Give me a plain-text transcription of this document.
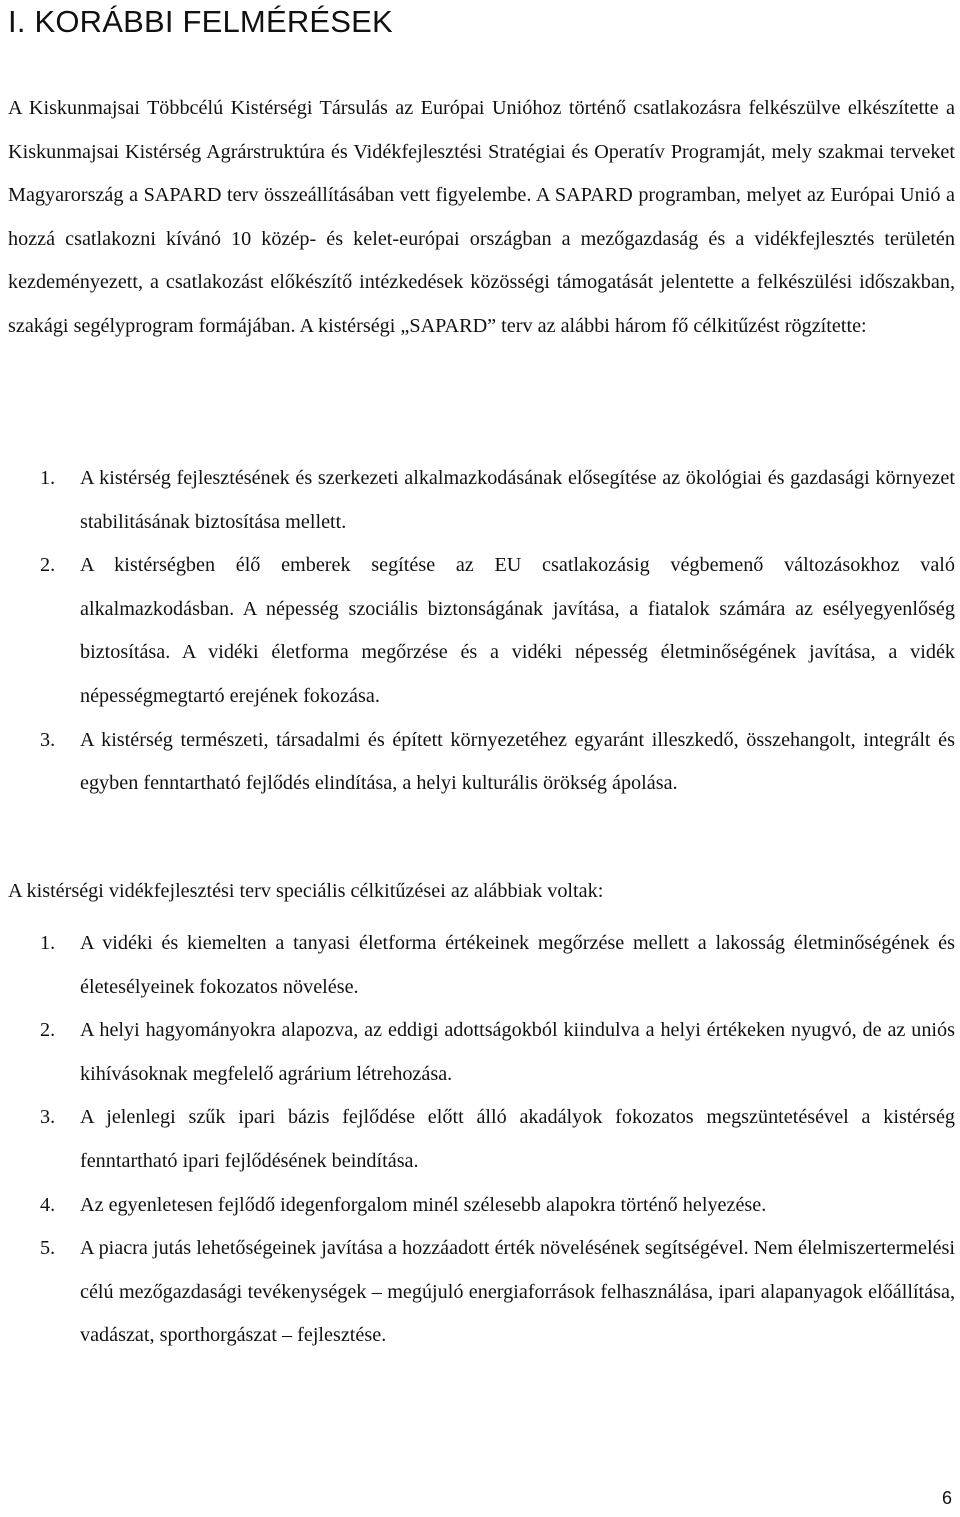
I. KORÁBBI FELMÉRÉSEK

A Kiskunmajsai Többcélú Kistérségi Társulás az Európai Unióhoz történő csatlakozásra felkészülve elkészítette a Kiskunmajsai Kistérség Agrárstruktúra és Vidékfejlesztési Stratégiai és Operatív Programját, mely szakmai terveket Magyarország a SAPARD terv összeállításában vett figyelembe. A SAPARD programban, melyet az Európai Unió a hozzá csatlakozni kívánó 10 közép- és kelet-európai országban a mezőgazdaság és a vidékfejlesztés területén kezdeményezett, a csatlakozást előkészítő intézkedések közösségi támogatását jelentette a felkészülési időszakban, szakági segélyprogram formájában. A kistérségi „SAPARD” terv az alábbi három fő célkitűzést rögzítette:

1. A kistérség fejlesztésének és szerkezeti alkalmazkodásának elősegítése az ökológiai és gazdasági környezet stabilitásának biztosítása mellett.
2. A kistérségben élő emberek segítése az EU csatlakozásig végbemenő változásokhoz való alkalmazkodásban. A népesség szociális biztonságának javítása, a fiatalok számára az esélyegyenlőség biztosítása. A vidéki életforma megőrzése és a vidéki népesség életminőségének javítása, a vidék népességmegtartó erejének fokozása.
3. A kistérség természeti, társadalmi és épített környezetéhez egyaránt illeszkedő, összehangolt, integrált és egyben fenntartható fejlődés elindítása, a helyi kulturális örökség ápolása.

A kistérségi vidékfejlesztési terv speciális célkitűzései az alábbiak voltak:

1. A vidéki és kiemelten a tanyasi életforma értékeinek megőrzése mellett a lakosság életminőségének és életesélyeinek fokozatos növelése.
2. A helyi hagyományokra alapozva, az eddigi adottságokból kiindulva a helyi értékeken nyugvó, de az uniós kihívásoknak megfelelő agrárium létrehozása.
3. A jelenlegi szűk ipari bázis fejlődése előtt álló akadályok fokozatos megszüntetésével a kistérség fenntartható ipari fejlődésének beindítása.
4. Az egyenletesen fejlődő idegenforgalom minél szélesebb alapokra történő helyezése.
5. A piacra jutás lehetőségeinek javítása a hozzáadott érték növelésének segítségével. Nem élelmiszertermelési célú mezőgazdasági tevékenységek – megújuló energiaforrások felhasználása, ipari alapanyagok előállítása, vadászat, sporthorgászat – fejlesztése.
6
